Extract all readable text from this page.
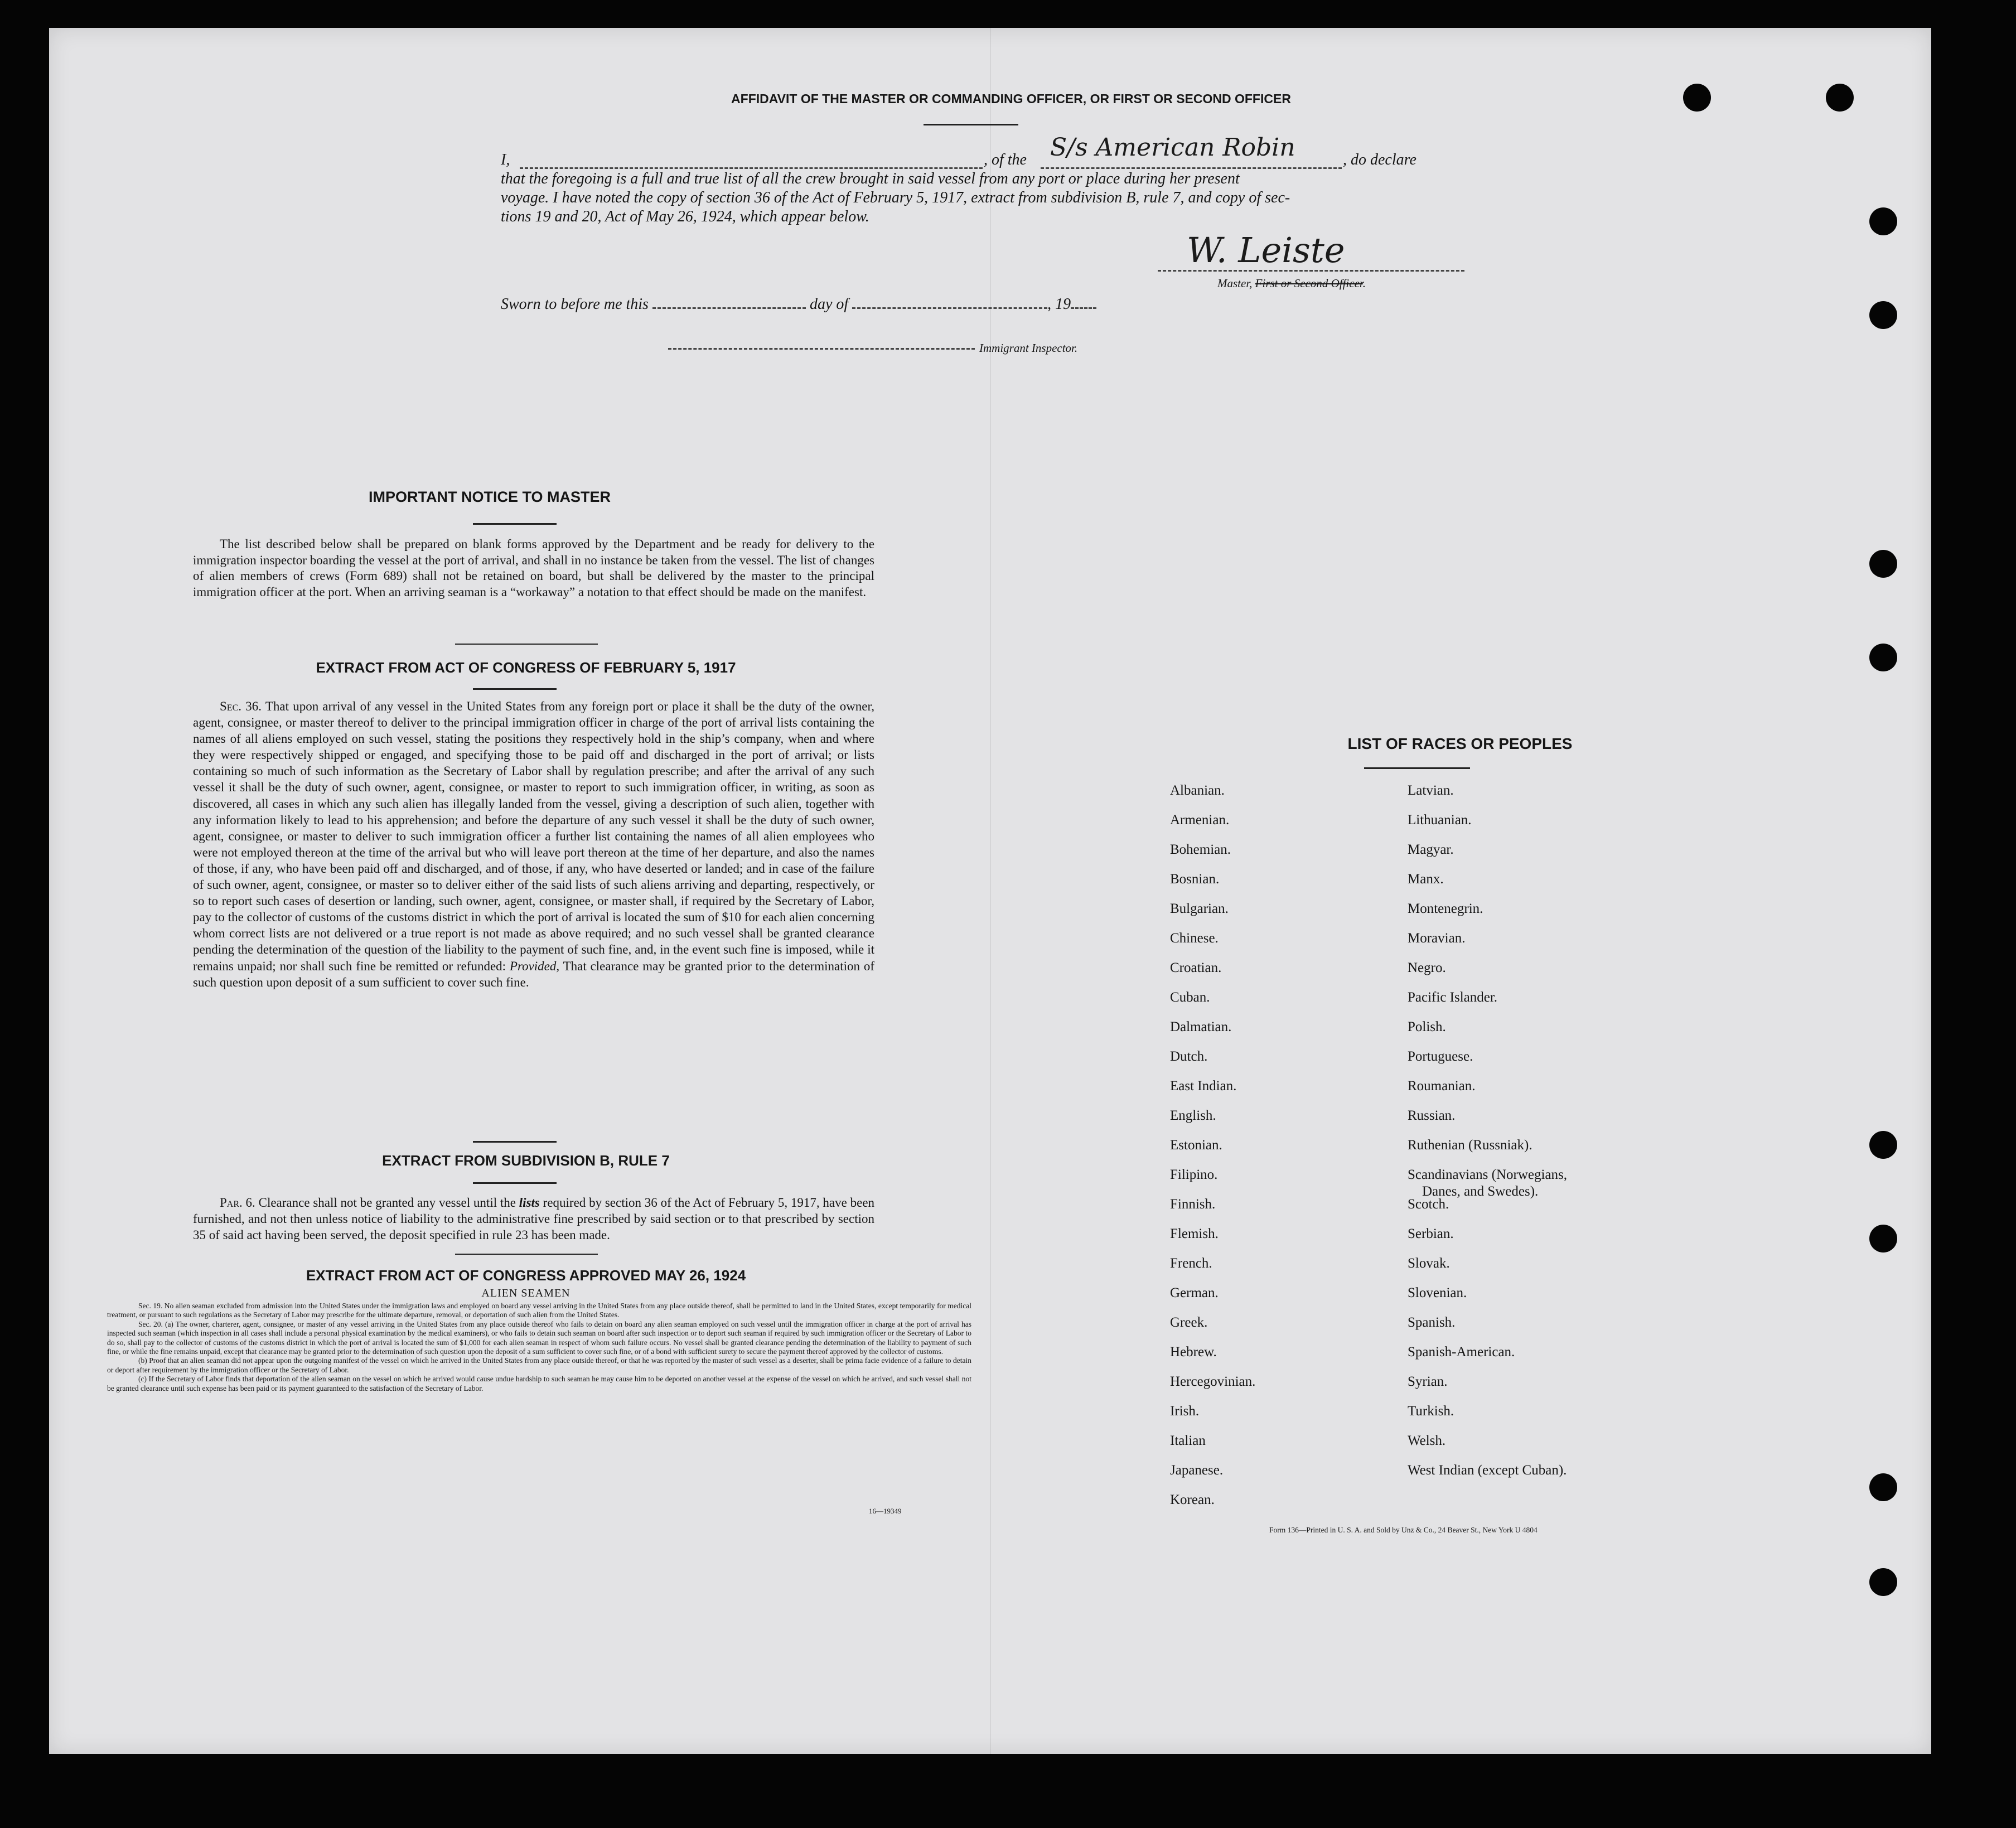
AFFIDAVIT OF THE MASTER OR COMMANDING OFFICER, OR FIRST OR SECOND OFFICER
I,	, of the S/s American Robin	, do declare

that the foregoing is a full and true list of all the crew brought in said vessel from any port or place during her present
voyage. I have noted the copy of section 36 of the Act of February 5, 1917, extract from subdivision B, rule 7, and copy of sec-
tions 19 and 20, Act of May 26, 1924, which appear below.
W. Leiste
Master, First or Second Officer.
Sworn to before me this	day of	, 19
Immigrant Inspector.
IMPORTANT NOTICE TO MASTER
The list described below shall be prepared on blank forms approved by the Department and be ready for delivery to the immigration inspector boarding the vessel at the port of arrival, and shall in no instance be taken from the vessel. The list of changes of alien members of crews (Form 689) shall not be retained on board, but shall be delivered by the master to the principal immigration officer at the port. When an arriving seaman is a “workaway” a notation to that effect should be made on the manifest.
EXTRACT FROM ACT OF CONGRESS OF FEBRUARY 5, 1917
Sec. 36. That upon arrival of any vessel in the United States from any foreign port or place it shall be the duty of the owner, agent, consignee, or master thereof to deliver to the principal immigration officer in charge of the port of arrival lists containing the names of all aliens employed on such vessel, stating the positions they respectively hold in the ship’s company, when and where they were respectively shipped or engaged, and specifying those to be paid off and discharged in the port of arrival; or lists containing so much of such information as the Secretary of Labor shall by regulation prescribe; and after the arrival of any such vessel it shall be the duty of such owner, agent, consignee, or master to report to such immigration officer, in writing, as soon as discovered, all cases in which any such alien has illegally landed from the vessel, giving a description of such alien, together with any information likely to lead to his apprehension; and before the departure of any such vessel it shall be the duty of such owner, agent, consignee, or master to deliver to such immigration officer a further list containing the names of all alien employees who were not employed thereon at the time of the arrival but who will leave port thereon at the time of her departure, and also the names of those, if any, who have been paid off and discharged, and of those, if any, who have deserted or landed; and in case of the failure of such owner, agent, consignee, or master so to deliver either of the said lists of such aliens arriving and departing, respectively, or so to report such cases of desertion or landing, such owner, agent, consignee, or master shall, if required by the Secretary of Labor, pay to the collector of customs of the customs district in which the port of arrival is located the sum of $10 for each alien concerning whom correct lists are not delivered or a true report is not made as above required; and no such vessel shall be granted clearance pending the determination of the question of the liability to the payment of such fine, and, in the event such fine is imposed, while it remains unpaid; nor shall such fine be remitted or refunded: Provided, That clearance may be granted prior to the determination of such question upon deposit of a sum sufficient to cover such fine.
EXTRACT FROM SUBDIVISION B, RULE 7
Par. 6. Clearance shall not be granted any vessel until the lists required by section 36 of the Act of February 5, 1917, have been furnished, and not then unless notice of liability to the administrative fine prescribed by said section or to that prescribed by section 35 of said act having been served, the deposit specified in rule 23 has been made.
EXTRACT FROM ACT OF CONGRESS APPROVED MAY 26, 1924
ALIEN SEAMEN
Sec. 19. No alien seaman excluded from admission into the United States under the immigration laws and employed on board any vessel arriving in the United States from any place outside thereof, shall be permitted to land in the United States, except temporarily for medical treatment, or pursuant to such regulations as the Secretary of Labor may prescribe for the ultimate departure, removal, or deportation of such alien from the United States.
Sec. 20. (a) The owner, charterer, agent, consignee, or master of any vessel arriving in the United States from any place outside thereof who fails to detain on board any alien seaman employed on such vessel until the immigration officer in charge at the port of arrival has inspected such seaman (which inspection in all cases shall include a personal physical examination by the medical examiners), or who fails to detain such seaman on board after such inspection or to deport such seaman if required by such immigration officer or the Secretary of Labor to do so, shall pay to the collector of customs of the customs district in which the port of arrival is located the sum of $1,000 for each alien seaman in respect of whom such failure occurs. No vessel shall be granted clearance pending the determination of the liability to payment of such fine, or while the fine remains unpaid, except that clearance may be granted prior to the determination of such question upon the deposit of a sum sufficient to cover such fine, or of a bond with sufficient surety to secure the payment thereof approved by the collector of customs.
(b) Proof that an alien seaman did not appear upon the outgoing manifest of the vessel on which he arrived in the United States from any place outside thereof, or that he was reported by the master of such vessel as a deserter, shall be prima facie evidence of a failure to detain or deport after requirement by the immigration officer or the Secretary of Labor.
(c) If the Secretary of Labor finds that deportation of the alien seaman on the vessel on which he arrived would cause undue hardship to such seaman he may cause him to be deported on another vessel at the expense of the vessel on which he arrived, and such vessel shall not be granted clearance until such expense has been paid or its payment guaranteed to the satisfaction of the Secretary of Labor.
16—19349
LIST OF RACES OR PEOPLES
Form 136—Printed in U. S. A. and Sold by Unz & Co., 24 Beaver St., New York U 4804
Albanian.
Armenian.
Bohemian.
Bosnian.
Bulgarian.
Chinese.
Croatian.
Cuban.
Dalmatian.
Dutch.
East Indian.
English.
Estonian.
Filipino.
Finnish.
Flemish.
French.
German.
Greek.
Hebrew.
Hercegovinian.
Irish.
Italian
Japanese.
Korean.
Latvian.
Lithuanian.
Magyar.
Manx.
Montenegrin.
Moravian.
Negro.
Pacific Islander.
Polish.
Portuguese.
Roumanian.
Russian.
Ruthenian (Russniak).
Scandinavians (Norwegians,
Danes, and Swedes).
Scotch.
Serbian.
Slovak.
Slovenian.
Spanish.
Spanish-American.
Syrian.
Turkish.
Welsh.
West Indian (except Cuban).
